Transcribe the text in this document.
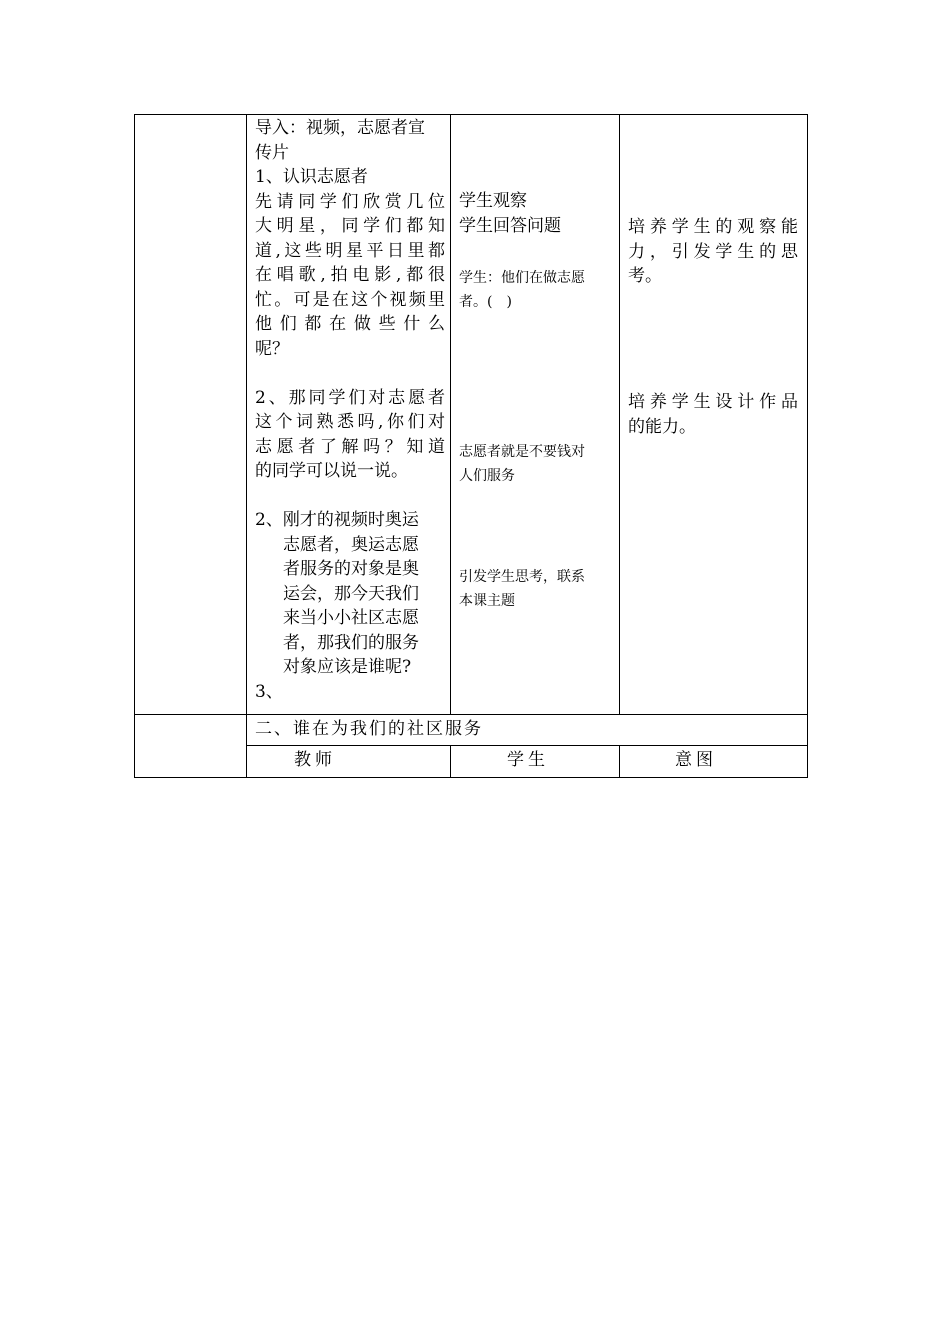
导入：视频，志愿者宣
传片
1、认识志愿者
先请同学们欣赏几位
大明星，同学们都知
道,这些明星平日里都
在唱歌,拍电影,都很
忙。可是在这个视频里
他们都在做些什么
呢？
2、那同学们对志愿者
这个词熟悉吗,你们对
志愿者了解吗？知道
的同学可以说一说。
2、刚才的视频时奥运
志愿者，奥运志愿
者服务的对象是奥
运会，那今天我们
来当小小社区志愿
者，那我们的服务
对象应该是谁呢?
3、
学生观察
学生回答问题
学生：他们在做志愿
者。(　)
志愿者就是不要钱对
人们服务
引发学生思考，联系
本课主题
培养学生的观察能
力，引发学生的思
考。
培养学生设计作品
的能力。
二、谁在为我们的社区服务
教师	学生	意图
